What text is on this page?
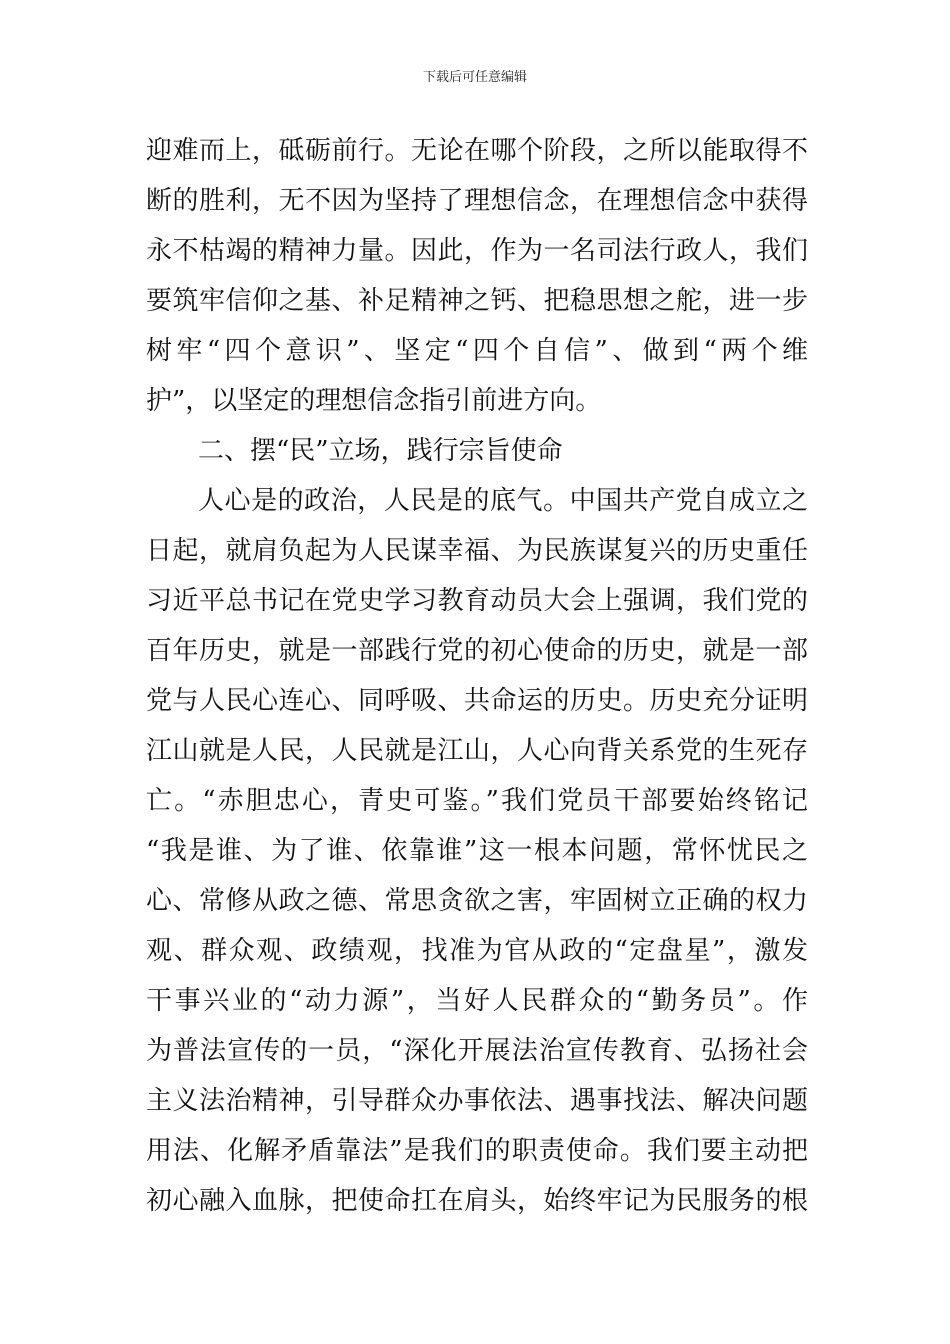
下载后可任意编辑
迎难而上，砥砺前行。无论在哪个阶段，之所以能取得不
断的胜利，无不因为坚持了理想信念，在理想信念中获得
永不枯竭的精神力量。因此，作为一名司法行政人，我们
要筑牢信仰之基、补足精神之钙、把稳思想之舵，进一步
树牢“四个意识”、坚定“四个自信”、做到“两个维
护”，以坚定的理想信念指引前进方向。
二、摆“民”立场，践行宗旨使命
人心是的政治，人民是的底气。中国共产党自成立之
日起，就肩负起为人民谋幸福、为民族谋复兴的历史重任
习近平总书记在党史学习教育动员大会上强调，我们党的
百年历史，就是一部践行党的初心使命的历史，就是一部
党与人民心连心、同呼吸、共命运的历史。历史充分证明
江山就是人民，人民就是江山，人心向背关系党的生死存
亡。“赤胆忠心，青史可鉴。”我们党员干部要始终铭记
“我是谁、为了谁、依靠谁”这一根本问题，常怀忧民之
心、常修从政之德、常思贪欲之害，牢固树立正确的权力
观、群众观、政绩观，找准为官从政的“定盘星”，激发
干事兴业的“动力源”，当好人民群众的“勤务员”。作
为普法宣传的一员，“深化开展法治宣传教育、弘扬社会
主义法治精神，引导群众办事依法、遇事找法、解决问题
用法、化解矛盾靠法”是我们的职责使命。我们要主动把
初心融入血脉，把使命扛在肩头，始终牢记为民服务的根
